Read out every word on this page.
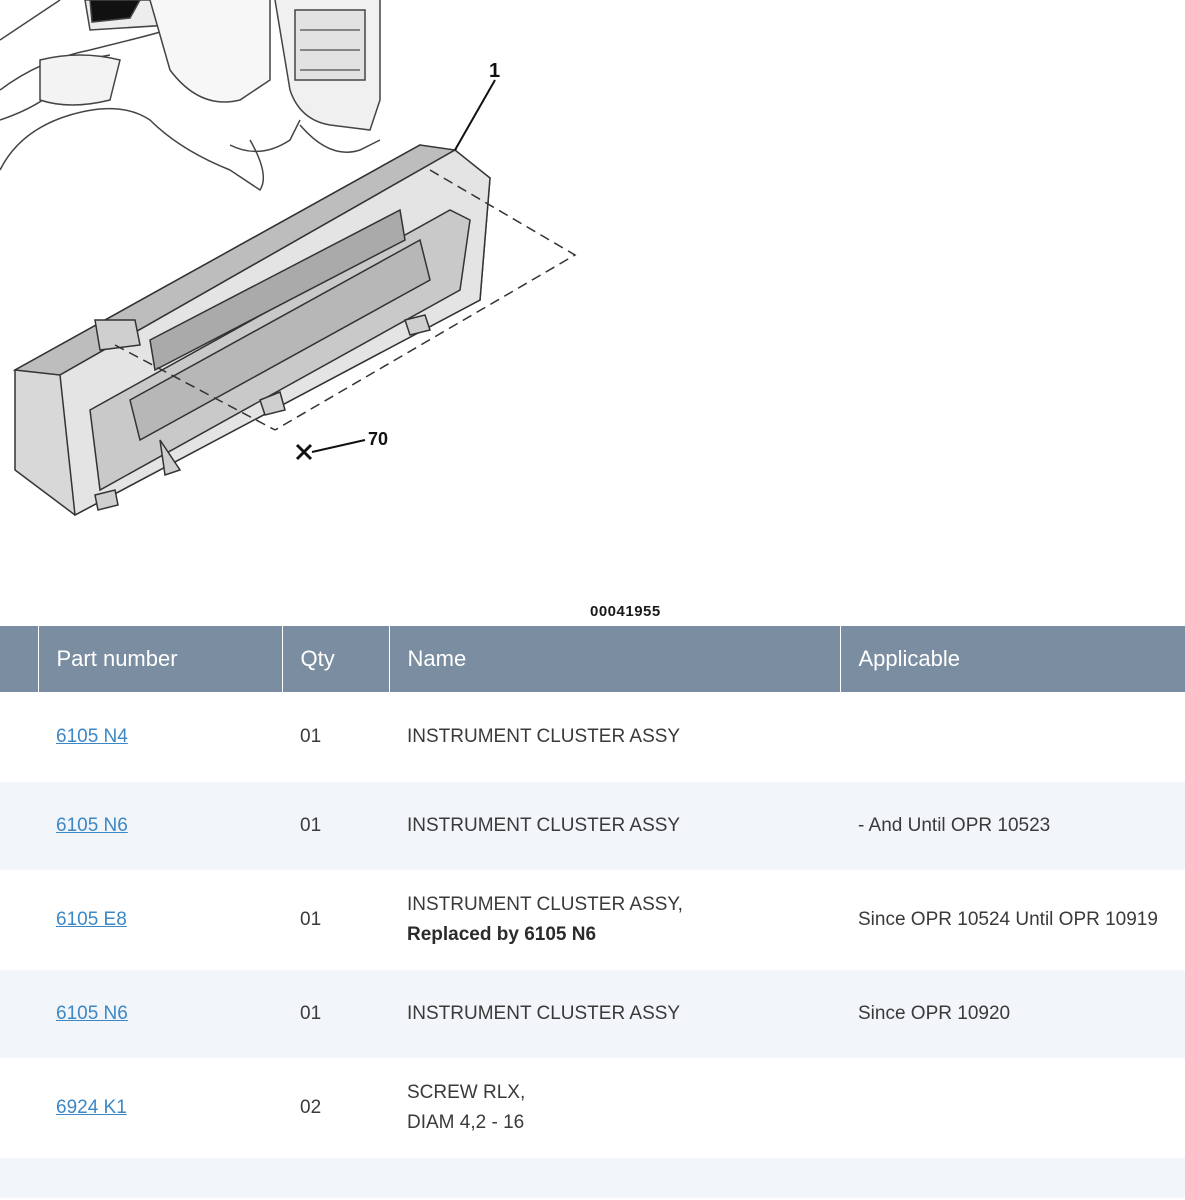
1
70
00041955
	Part number	Qty	Name	Applicable
	6105 N4	01	INSTRUMENT CLUSTER ASSY	

	6105 N6	01	INSTRUMENT CLUSTER ASSY	- And Until OPR 10523
	6105 E8	01	INSTRUMENT CLUSTER ASSY,
Replaced by 6105 N6	Since OPR 10524 Until OPR 10919
	6105 N6	01	INSTRUMENT CLUSTER ASSY	Since OPR 10920
	6924 K1	02	SCREW RLX,
DIAM 4,2 - 16	
